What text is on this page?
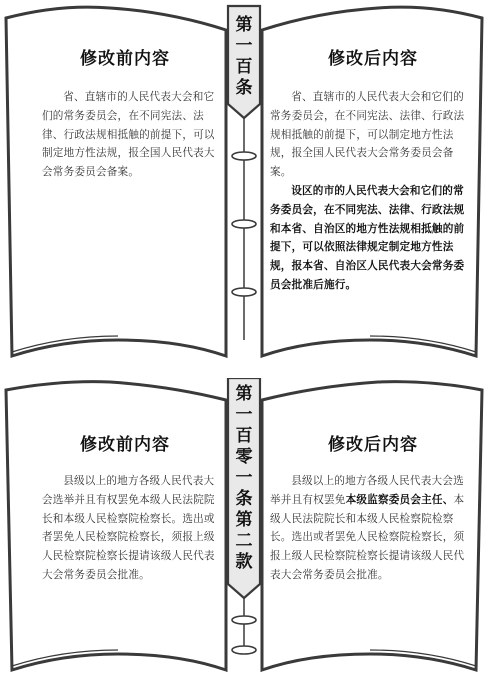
第
一
百
条
修改前内容

省、直辖市的人民代表大会和它们的常务委员会，在不同宪法、法律、行政法规相抵触的前提下，可以制定地方性法规，报全国人民代表大会常务委员会备案。

修改后内容

省、直辖市的人民代表大会和它们的常务委员会，在不同宪法、法律、行政法规相抵触的前提下，可以制定地方性法规，报全国人民代表大会常务委员会备案。

设区的市的人民代表大会和它们的常务委员会，在不同宪法、法律、行政法规和本省、自治区的地方性法规相抵触的前提下，可以依照法律规定制定地方性法规，报本省、自治区人民代表大会常务委员会批准后施行。

第
一
百
零
一
条
第
二
款
修改前内容

县级以上的地方各级人民代表大会选举并且有权罢免本级人民法院院长和本级人民检察院检察长。选出或者罢免人民检察院检察长，须报上级人民检察院检察长提请该级人民代表大会常务委员会批准。

修改后内容

县级以上的地方各级人民代表大会选举并且有权罢免本级监察委员会主任、本级人民法院院长和本级人民检察院检察长。选出或者罢免人民检察院检察长，须报上级人民检察院检察长提请该级人民代表大会常务委员会批准。
